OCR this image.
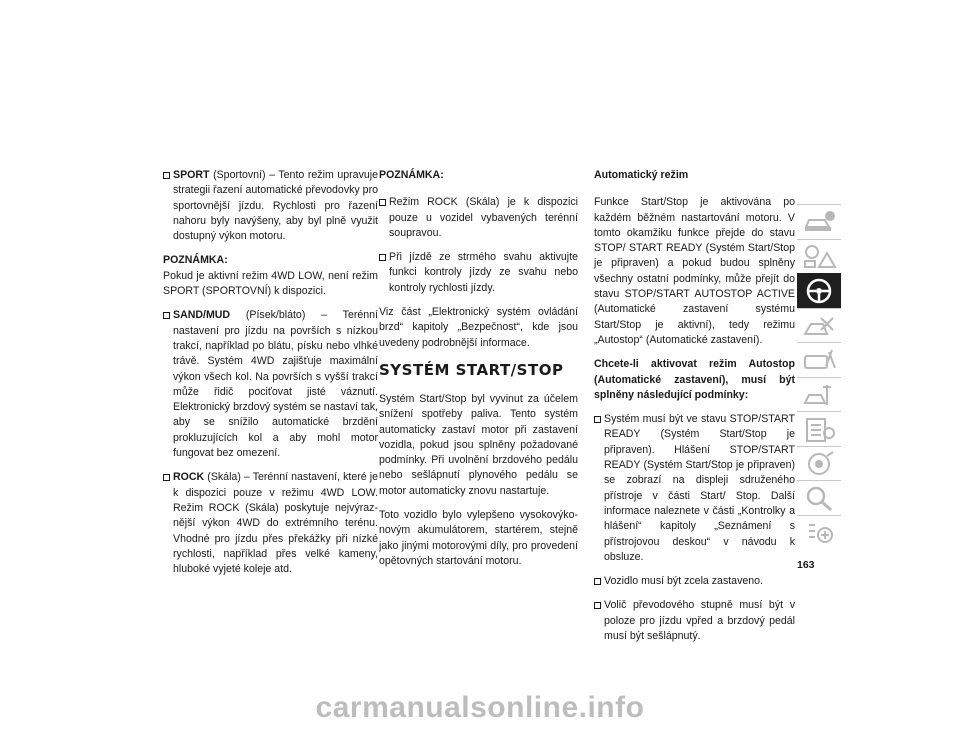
SPORT (Sportovní) – Tento režim upravuje strategii řazení automatické převodovky pro sportovnější jízdu. Rychlosti pro řazení nahoru byly navýšeny, aby byl plně využit dostupný výkon motoru.

POZNÁMKA:

Pokud je aktivní režim 4WD LOW, není režim SPORT (SPORTOVNÍ) k dispozici.

SAND/MUD (Písek/bláto) – Terénní nastavení pro jízdu na površích s nízkou trakcí, například po blátu, písku nebo vlhké trávě. Systém 4WD zajišťuje maximální výkon všech kol. Na površích s vyšší trakcí může řidič pociťovat jisté váznutí. Elektronický brzdový systém se nastaví tak, aby se snížilo automatické brzdění prokluzujících kol a aby mohl motor fungovat bez omezení.
ROCK (Skála) – Terénní nastavení, které je k dispozici pouze v režimu 4WD LOW. Režim ROCK (Skála) poskytuje nejvýraznější výkon 4WD do extrémního terénu. Vhodné pro jízdu přes překážky při nízké rychlosti, například přes velké kameny, hluboké vyjeté koleje atd.

POZNÁMKA:

Režim ROCK (Skála) je k dispozici pouze u vozidel vybavených terénní soupravou.
Při jízdě ze strmého svahu aktivujte funkci kontroly jízdy ze svahu nebo kontroly rychlosti jízdy.

Viz část „Elektronický systém ovládání brzd“ kapitoly „Bezpečnost“, kde jsou uvedeny podrobnější informace.

SYSTÉM START/STOP

Systém Start/Stop byl vyvinut za účelem snížení spotřeby paliva. Tento systém automaticky zastaví motor při zastavení vozidla, pokud jsou splněny požadované podmínky. Při uvolnění brzdového pedálu nebo sešlápnutí plynového pedálu se motor automaticky znovu nastartuje.

Toto vozidlo bylo vylepšeno vysokovýkonovým akumulátorem, startérem, stejně jako jinými motorovými díly, pro provedení opětovných startování motoru.

Automatický režim

Funkce Start/Stop je aktivována po každém běžném nastartování motoru. V tomto okamžiku funkce přejde do stavu STOP/ START READY (Systém Start/Stop je připraven) a pokud budou splněny všechny ostatní podmínky, může přejít do stavu STOP/START AUTOSTOP ACTIVE (Automatické zastavení systému Start/Stop je aktivní), tedy režimu „Autostop“ (Automatické zastavení).

Chcete-li aktivovat režim Autostop (Automatické zastavení), musí být splněny následující podmínky:

Systém musí být ve stavu STOP/START READY (Systém Start/Stop je připraven). Hlášení STOP/START READY (Systém Start/Stop je připraven) se zobrazí na displeji sdruženého přístroje v části Start/ Stop. Další informace naleznete v části „Kontrolky a hlášení“ kapitoly „Seznámení s přístrojovou deskou“ v návodu k obsluze.
Vozidlo musí být zcela zastaveno.
Volič převodového stupně musí být v poloze pro jízdu vpřed a brzdový pedál musí být sešlápnutý.
163
carmanualsonline.info
